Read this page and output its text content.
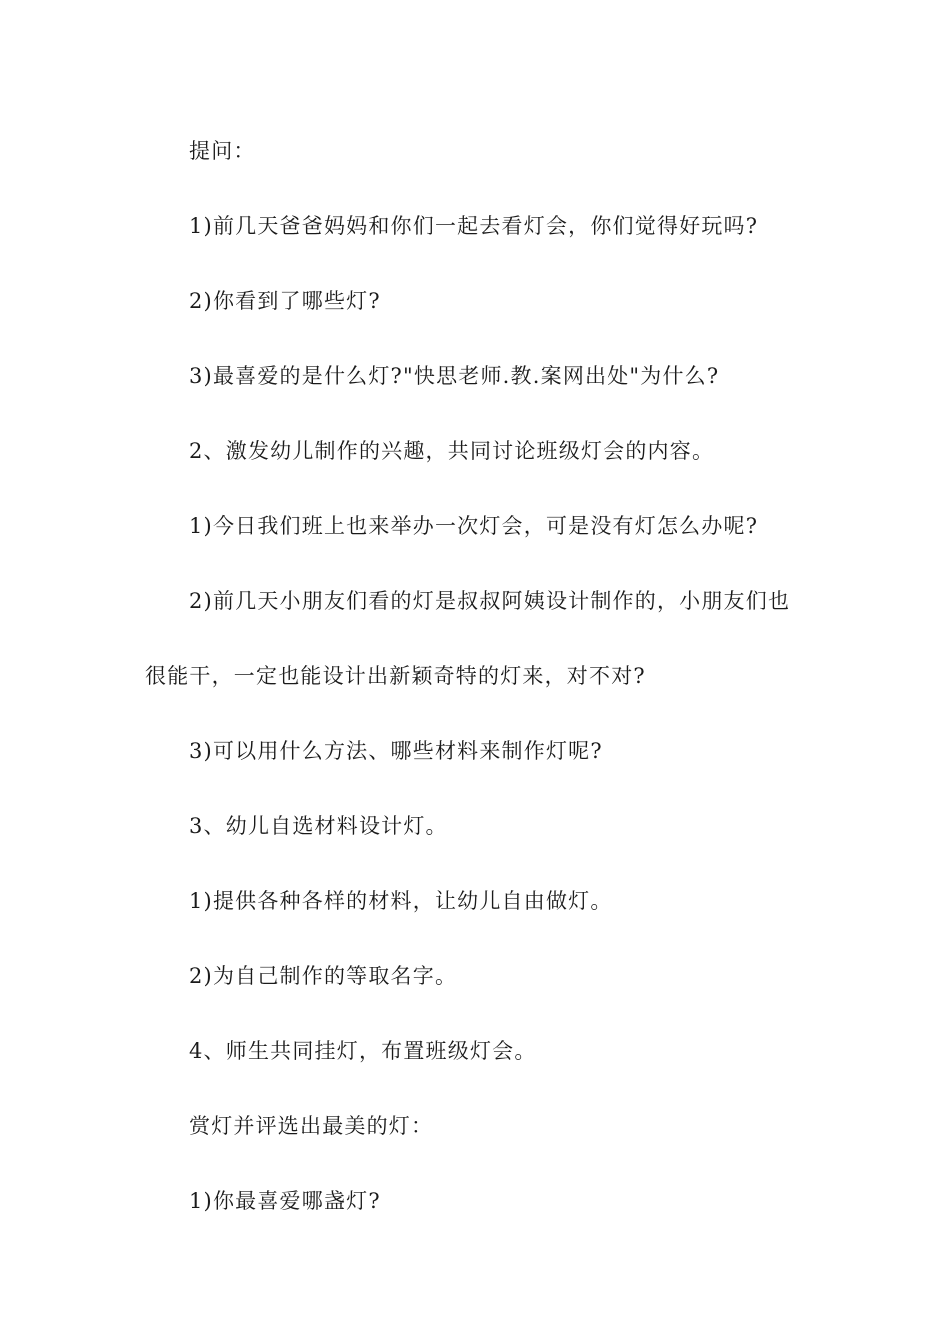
提问：
1)前几天爸爸妈妈和你们一起去看灯会，你们觉得好玩吗?
2)你看到了哪些灯?
3)最喜爱的是什么灯?"快思老师.教.案网出处"为什么?
2、激发幼儿制作的兴趣，共同讨论班级灯会的内容。
1)今日我们班上也来举办一次灯会，可是没有灯怎么办呢?
2)前几天小朋友们看的灯是叔叔阿姨设计制作的，小朋友们也
很能干，一定也能设计出新颖奇特的灯来，对不对?
3)可以用什么方法、哪些材料来制作灯呢?
3、幼儿自选材料设计灯。
1)提供各种各样的材料，让幼儿自由做灯。
2)为自己制作的等取名字。
4、师生共同挂灯，布置班级灯会。
赏灯并评选出最美的灯：
1)你最喜爱哪盏灯?
